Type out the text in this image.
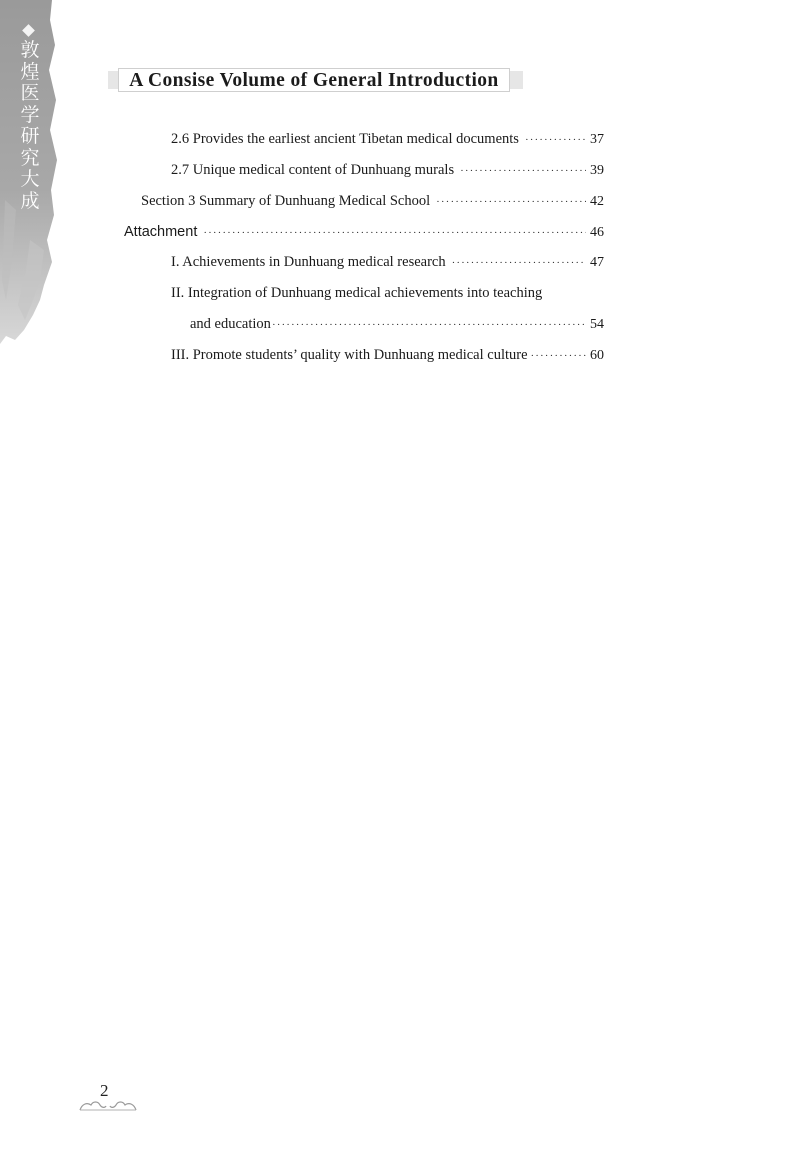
敦煌医学研究大成
A Consise Volume of General Introduction
2.6 Provides the earliest ancient Tibetan medical documents ·····	37
2.7 Unique medical content of Dunhuang murals ·····	39
Section 3 Summary of Dunhuang Medical School ·····	42
Attachment ·····	46
I. Achievements in Dunhuang medical research ·····	47
II. Integration of Dunhuang medical achievements into teaching
and education ·····	54
III. Promote students’ quality with Dunhuang medical culture ·····	60
2
